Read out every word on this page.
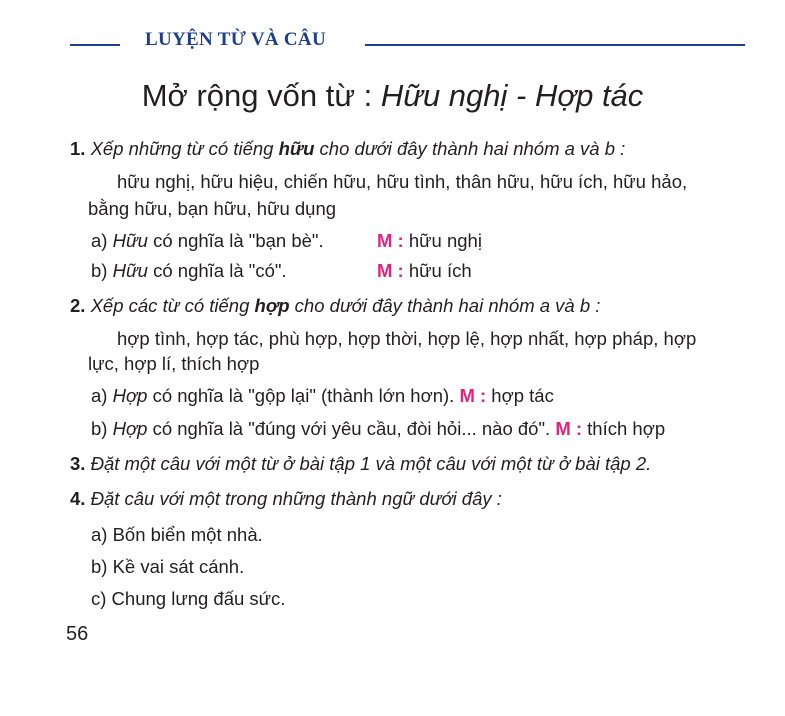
LUYỆN TỪ VÀ CÂU
Mở rộng vốn từ : Hữu nghị - Hợp tác
1. Xếp những từ có tiếng hữu cho dưới đây thành hai nhóm a và b :
hữu nghị, hữu hiệu, chiến hữu, hữu tình, thân hữu, hữu ích, hữu hảo,
bằng hữu, bạn hữu, hữu dụng
a) Hữu có nghĩa là "bạn bè".	M : hữu nghị
b) Hữu có nghĩa là "có".	M : hữu ích
2. Xếp các từ có tiếng hợp cho dưới đây thành hai nhóm a và b :
hợp tình, hợp tác, phù hợp, hợp thời, hợp lệ, hợp nhất, hợp pháp, hợp
lực, hợp lí, thích hợp
a) Hợp có nghĩa là "gộp lại" (thành lớn hơn). M : hợp tác
b) Hợp có nghĩa là "đúng với yêu cầu, đòi hỏi... nào đó". M : thích hợp
3. Đặt một câu với một từ ở bài tập 1 và một câu với một từ ở bài tập 2.
4. Đặt câu với một trong những thành ngữ dưới đây :
a) Bốn biển một nhà.
b) Kề vai sát cánh.
c) Chung lưng đấu sức.
56
